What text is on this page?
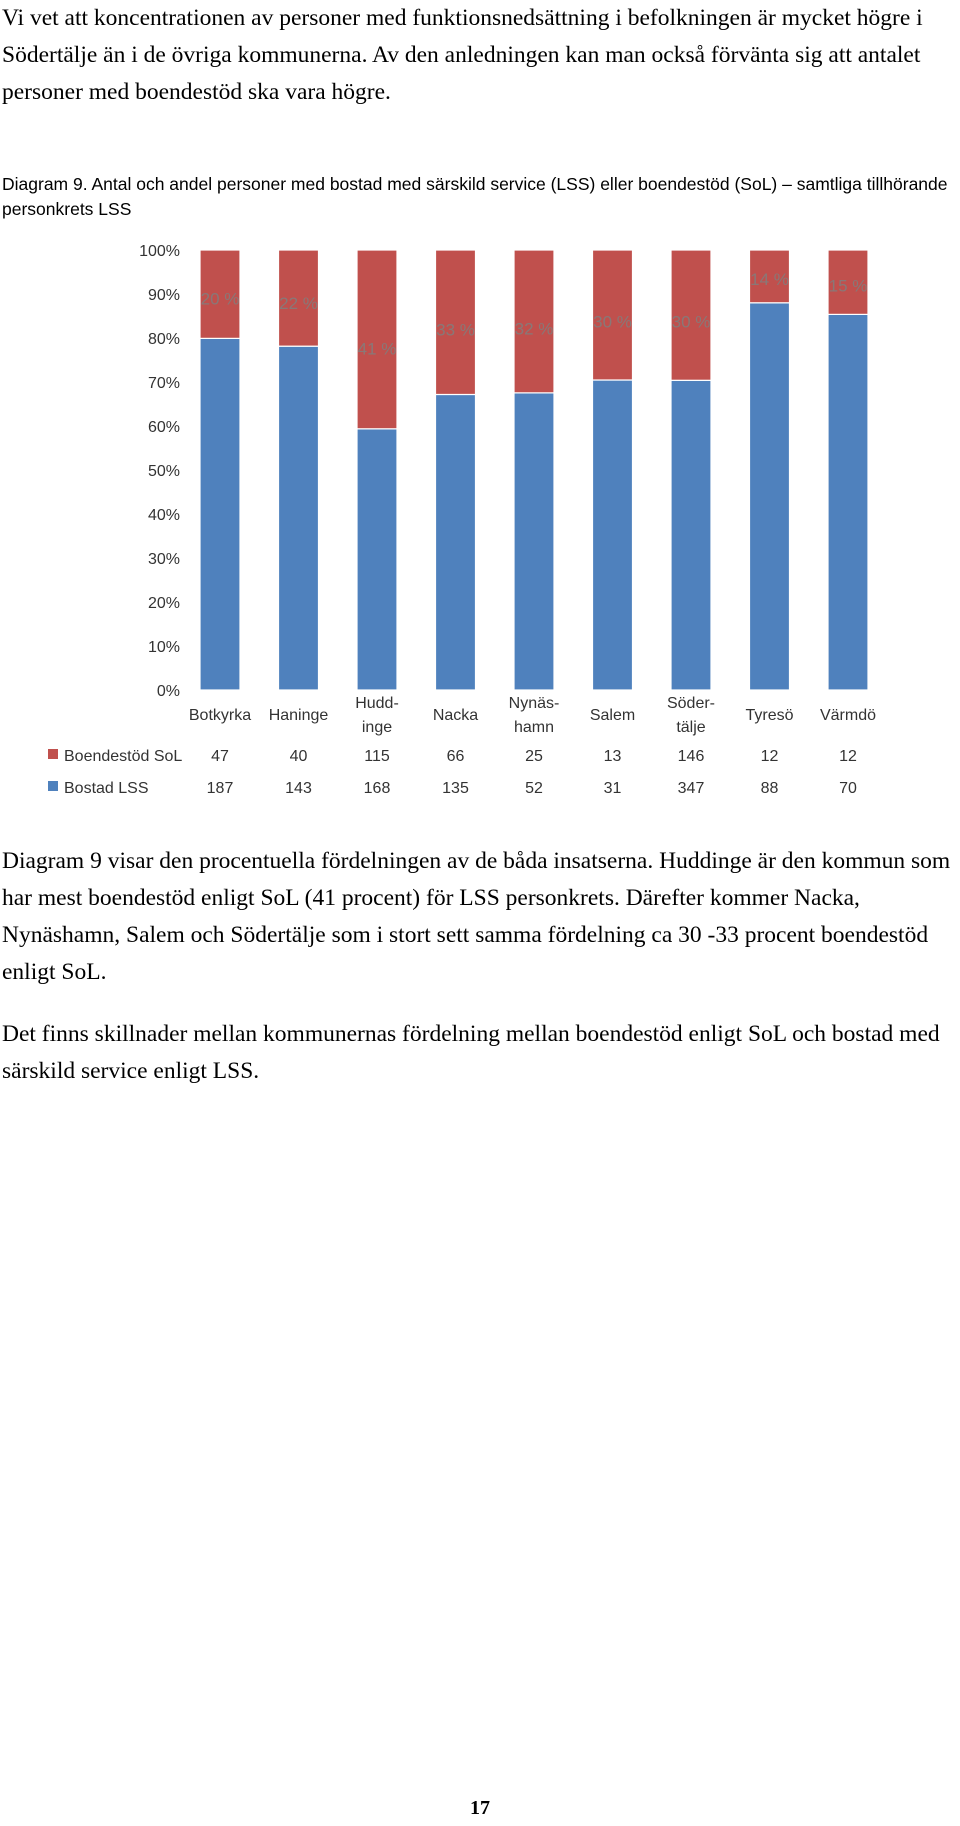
Vi vet att koncentrationen av personer med funktionsnedsättning i befolkningen är mycket högre i Södertälje än i de övriga kommunerna. Av den anledningen kan man också förvänta sig att antalet personer med boendestöd ska vara högre.

Diagram 9. Antal och andel personer med bostad med särskild service (LSS) eller boendestöd (SoL) – samtliga tillhörande personkrets LSS
0%
10%
20%
30%
40%
50%
60%
70%
80%
90%
100%
20 % 22 %
41 %
33 % 32 % 30 % 30 %
14 % 15 %
Botkyrka Haninge
Hudd-
inge
Nacka
Nynäs-
hamn
Salem
Söder-
tälje
Tyresö Värmdö
47
187
40
143
115
168
66
135
25
52
13
31
146
347
12
88
12
70
Boendestöd SoL
Bostad LSS

Diagram 9 visar den procentuella fördelningen av de båda insatserna. Huddinge är den kommun som har mest boendestöd enligt SoL (41 procent) för LSS personkrets. Därefter kommer Nacka, Nynäshamn, Salem och Södertälje som i stort sett samma fördelning ca 30 -33 procent boendestöd enligt SoL.

Det finns skillnader mellan kommunernas fördelning mellan boendestöd enligt SoL och bostad med särskild service enligt LSS.

17
